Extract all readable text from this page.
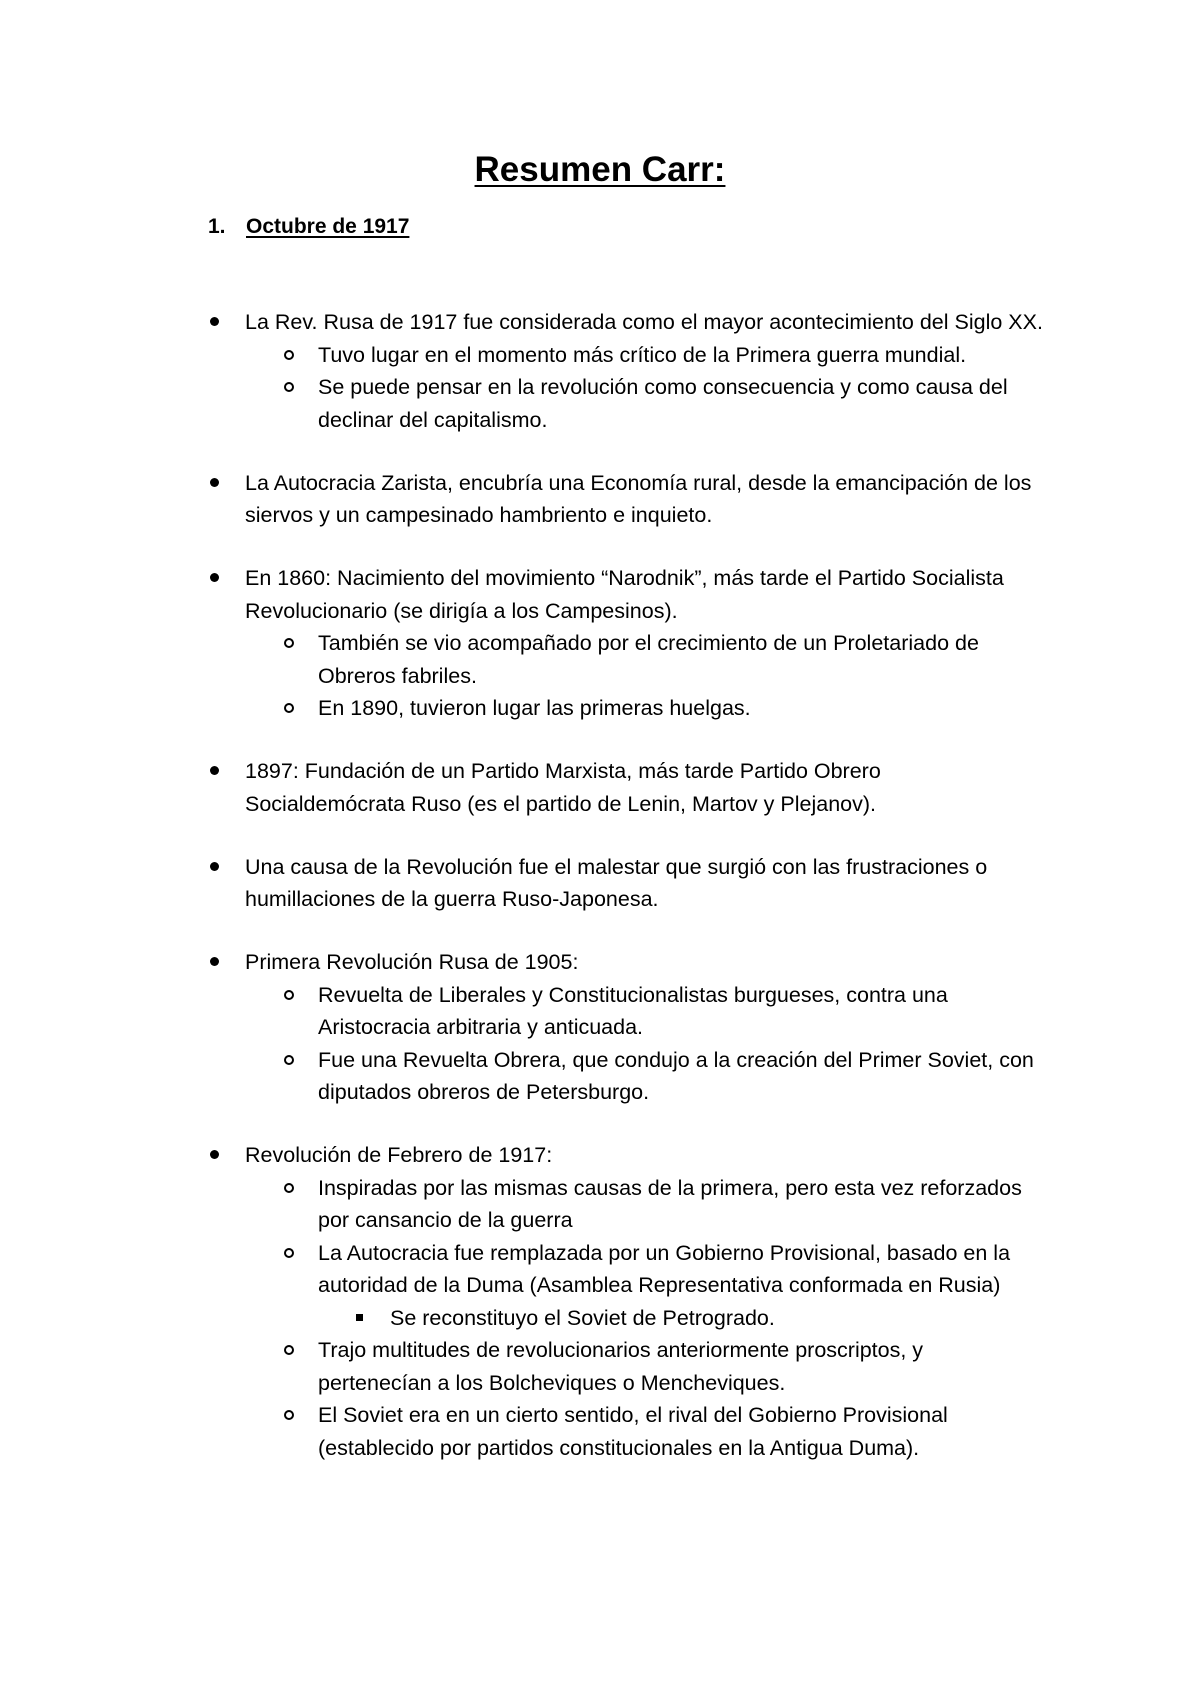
Resumen Carr:
1. Octubre de 1917
La Rev. Rusa de 1917 fue considerada como el mayor acontecimiento del Siglo XX.
Tuvo lugar en el momento más crítico de la Primera guerra mundial.
Se puede pensar en la revolución como consecuencia y como causa del declinar del capitalismo.
La Autocracia Zarista, encubría una Economía rural, desde la emancipación de los siervos y un campesinado hambriento e inquieto.
En 1860: Nacimiento del movimiento “Narodnik”, más tarde el Partido Socialista Revolucionario (se dirigía a los Campesinos).
También se vio acompañado por el crecimiento de un Proletariado de Obreros fabriles.
En 1890, tuvieron lugar las primeras huelgas.
1897: Fundación de un Partido Marxista, más tarde Partido Obrero Socialdemócrata Ruso (es el partido de Lenin, Martov y Plejanov).
Una causa de la Revolución fue el malestar que surgió con las frustraciones o humillaciones de la guerra Ruso-Japonesa.
Primera Revolución Rusa de 1905:
Revuelta de Liberales y Constitucionalistas burgueses, contra una Aristocracia arbitraria y anticuada.
Fue una Revuelta Obrera, que condujo a la creación del Primer Soviet, con diputados obreros de Petersburgo.
Revolución de Febrero de 1917:
Inspiradas por las mismas causas de la primera, pero esta vez reforzados por cansancio de la guerra
La Autocracia fue remplazada por un Gobierno Provisional, basado en la autoridad de la Duma (Asamblea Representativa conformada en Rusia)
Se reconstituyo el Soviet de Petrogrado.
Trajo multitudes de revolucionarios anteriormente proscriptos, y pertenecían a los Bolcheviques o Mencheviques.
El Soviet era en un cierto sentido, el rival del Gobierno Provisional (establecido por partidos constitucionales en la Antigua Duma).
